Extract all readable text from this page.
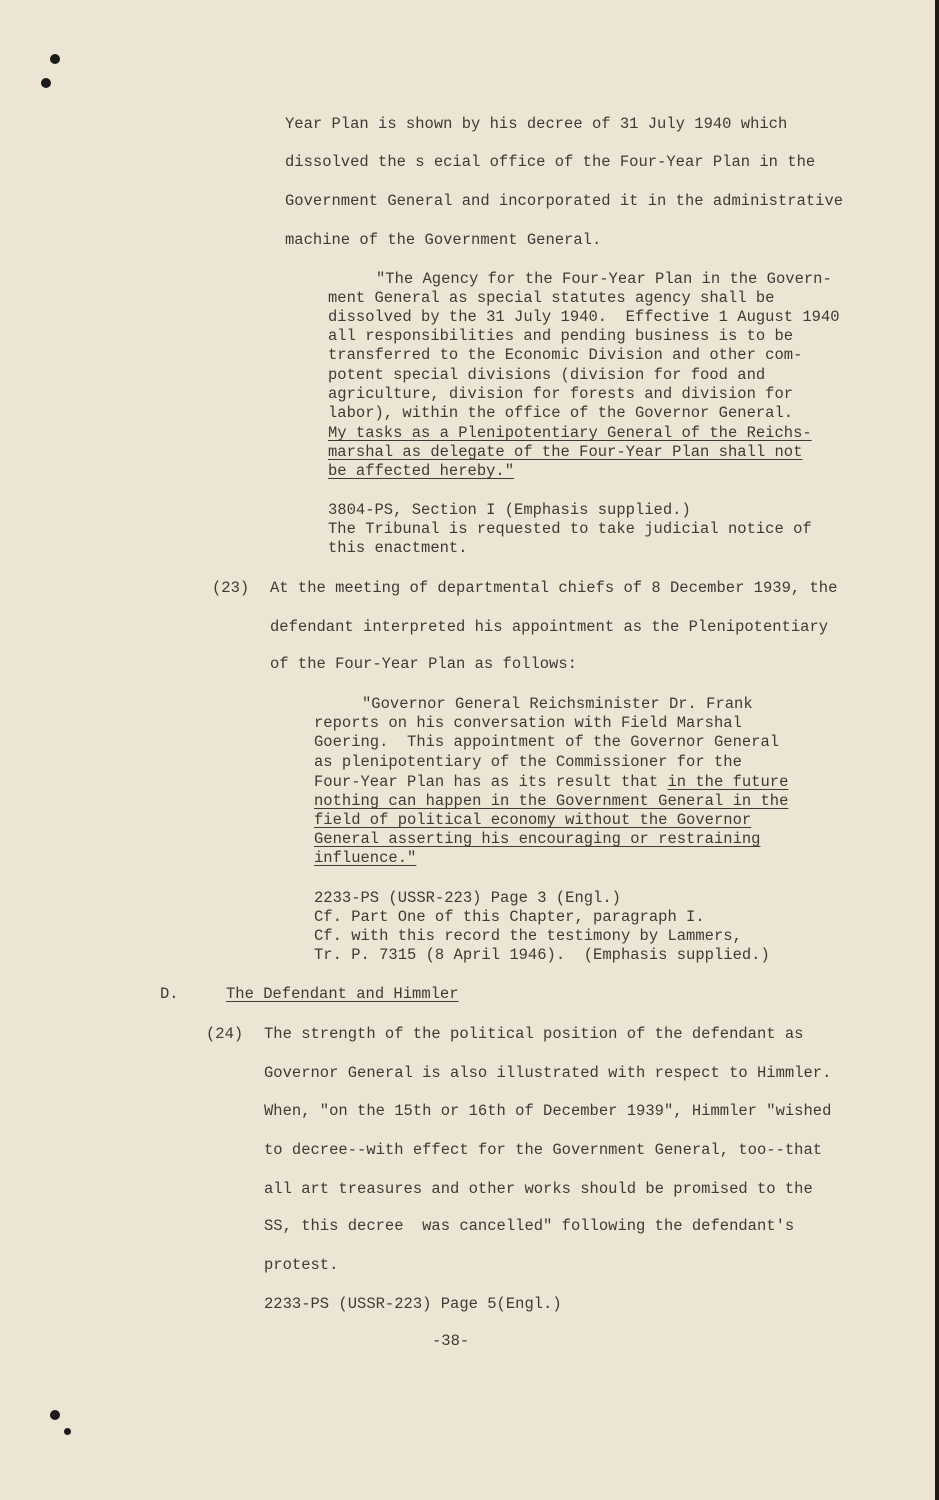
Year Plan is shown by his decree of 31 July 1940 which
dissolved the s ecial office of the Four-Year Plan in the
Government General and incorporated it in the administrative
machine of the Government General.
"The Agency for the Four-Year Plan in the Govern-
ment General as special statutes agency shall be
dissolved by the 31 July 1940.  Effective 1 August 1940
all responsibilities and pending business is to be
transferred to the Economic Division and other com-
potent special divisions (division for food and
agriculture, division for forests and division for
labor), within the office of the Governor General.
My tasks as a Plenipotentiary General of the Reichs-
marshal as delegate of the Four-Year Plan shall not
be affected hereby."
3804-PS, Section I (Emphasis supplied.)
The Tribunal is requested to take judicial notice of
this enactment.
(23) At the meeting of departmental chiefs of 8 December 1939, the
defendant interpreted his appointment as the Plenipotentiary
of the Four-Year Plan as follows:
"Governor General Reichsminister Dr. Frank
reports on his conversation with Field Marshal
Goering.  This appointment of the Governor General
as plenipotentiary of the Commissioner for the
Four-Year Plan has as its result that in the future
nothing can happen in the Government General in the
field of political economy without the Governor
General asserting his encouraging or restraining
influence."
2233-PS (USSR-223) Page 3 (Engl.)
Cf. Part One of this Chapter, paragraph I.
Cf. with this record the testimony by Lammers,
Tr. P. 7315 (8 April 1946).  (Emphasis supplied.)
D.	The Defendant and Himmler
(24) The strength of the political position of the defendant as
Governor General is also illustrated with respect to Himmler.
When, "on the 15th or 16th of December 1939", Himmler "wished
to decree--with effect for the Government General, too--that
all art treasures and other works should be promised to the
SS, this decree  was cancelled" following the defendant's
protest.
2233-PS (USSR-223) Page 5(Engl.)
-38-
